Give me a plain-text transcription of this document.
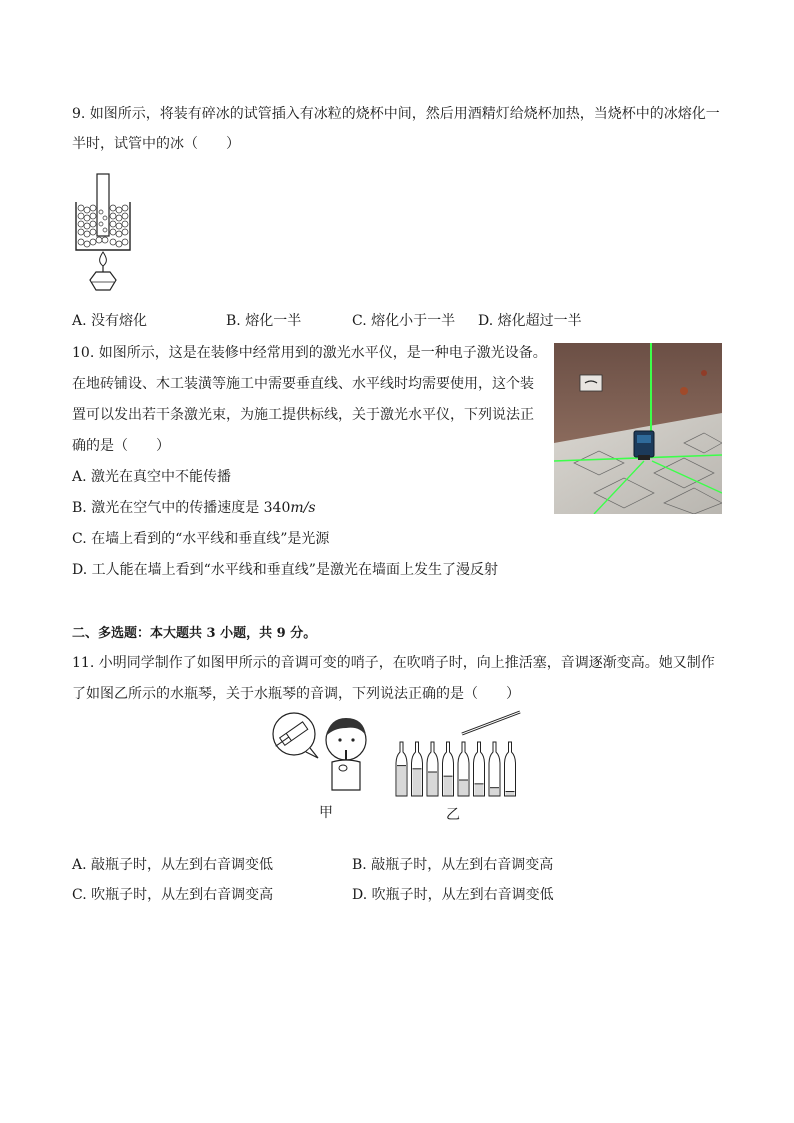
9. 如图所示，将装有碎冰的试管插入有冰粒的烧杯中间，然后用酒精灯给烧杯加热，当烧杯中的冰熔化一
半时，试管中的冰（　　）
A. 没有熔化	B. 熔化一半	C. 熔化小于一半 D. 熔化超过一半
10. 如图所示，这是在装修中经常用到的激光水平仪，是一种电子激光设备。
在地砖铺设、木工装潢等施工中需要垂直线、水平线时均需要使用，这个装
置可以发出若干条激光束，为施工提供标线，关于激光水平仪，下列说法正
确的是（　　）
A. 激光在真空中不能传播
B. 激光在空气中的传播速度是 340m/s
C. 在墙上看到的“水平线和垂直线”是光源
D. 工人能在墙上看到“水平线和垂直线”是激光在墙面上发生了漫反射
二、多选题：本大题共 3 小题，共 9 分。
11. 小明同学制作了如图甲所示的音调可变的哨子，在吹哨子时，向上推活塞，音调逐渐变高。她又制作
了如图乙所示的水瓶琴，关于水瓶琴的音调，下列说法正确的是（　　）
甲	乙
A. 敲瓶子时，从左到右音调变低	B. 敲瓶子时，从左到右音调变高
C. 吹瓶子时，从左到右音调变高	D. 吹瓶子时，从左到右音调变低
